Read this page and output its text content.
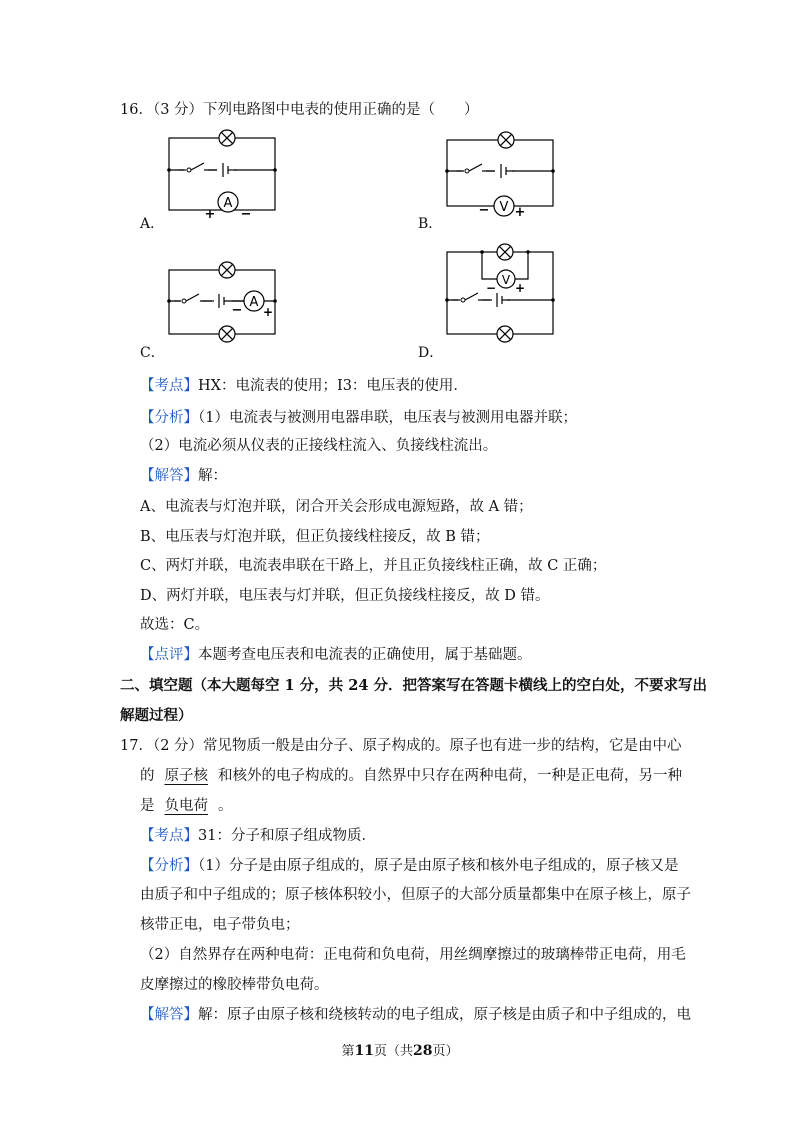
16．（3 分）下列电路图中电表的使用正确的是（　　）
A
+ −
A．
V
− +
B．
A
− +
C．
V
− +
D．
【考点】HX：电流表的使用；I3：电压表的使用．
【分析】（1）电流表与被测用电器串联，电压表与被测用电器并联；
（2）电流必须从仪表的正接线柱流入、负接线柱流出。
【解答】解：
A、电流表与灯泡并联，闭合开关会形成电源短路，故 A 错；
B、电压表与灯泡并联，但正负接线柱接反，故 B 错；
C、两灯并联，电流表串联在干路上，并且正负接线柱正确，故 C 正确；
D、两灯并联，电压表与灯并联，但正负接线柱接反，故 D 错。
故选：C。
【点评】本题考查电压表和电流表的正确使用，属于基础题。
二、填空题（本大题每空 1 分，共 24 分．把答案写在答题卡横线上的空白处，不要求写出
解题过程）
17．（2 分）常见物质一般是由分子、原子构成的。原子也有进一步的结构，它是由中心
的 原子核 和核外的电子构成的。自然界中只存在两种电荷，一种是正电荷，另一种
是 负电荷 。
【考点】31：分子和原子组成物质．
【分析】（1）分子是由原子组成的，原子是由原子核和核外电子组成的，原子核又是
由质子和中子组成的；原子核体积较小，但原子的大部分质量都集中在原子核上，原子
核带正电，电子带负电；
（2）自然界存在两种电荷：正电荷和负电荷，用丝绸摩擦过的玻璃棒带正电荷，用毛
皮摩擦过的橡胶棒带负电荷。
【解答】解：原子由原子核和绕核转动的电子组成，原子核是由质子和中子组成的，电
第11页（共28页）
